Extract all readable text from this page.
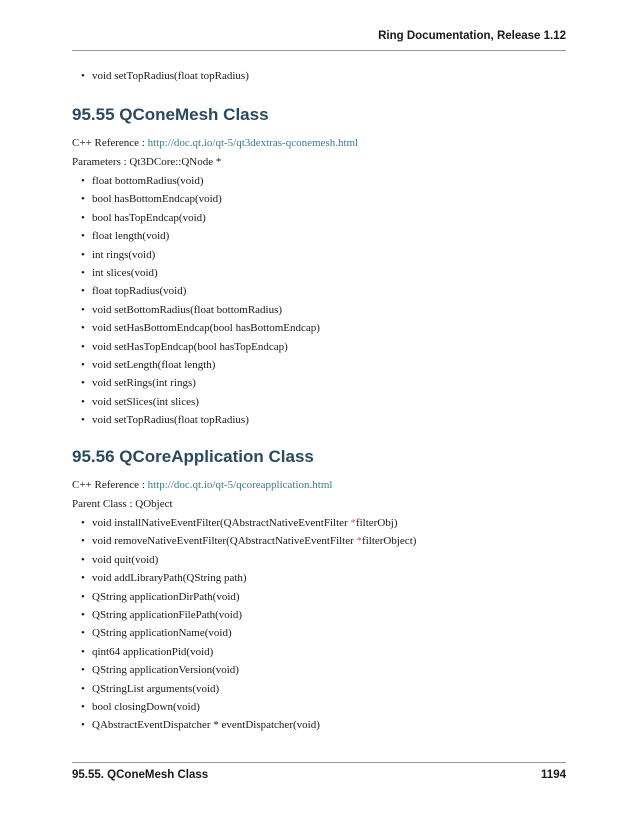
Ring Documentation, Release 1.12
• void setTopRadius(float topRadius)
95.55 QConeMesh Class

C++ Reference : http://doc.qt.io/qt-5/qt3dextras-qconemesh.html

Parameters : Qt3DCore::QNode *

• float bottomRadius(void)
• bool hasBottomEndcap(void)
• bool hasTopEndcap(void)
• float length(void)
• int rings(void)
• int slices(void)
• float topRadius(void)
• void setBottomRadius(float bottomRadius)
• void setHasBottomEndcap(bool hasBottomEndcap)
• void setHasTopEndcap(bool hasTopEndcap)
• void setLength(float length)
• void setRings(int rings)
• void setSlices(int slices)
• void setTopRadius(float topRadius)
95.56 QCoreApplication Class

C++ Reference : http://doc.qt.io/qt-5/qcoreapplication.html

Parent Class : QObject

• void installNativeEventFilter(QAbstractNativeEventFilter *filterObj)
• void removeNativeEventFilter(QAbstractNativeEventFilter *filterObject)
• void quit(void)
• void addLibraryPath(QString path)
• QString applicationDirPath(void)
• QString applicationFilePath(void)
• QString applicationName(void)
• qint64 applicationPid(void)
• QString applicationVersion(void)
• QStringList arguments(void)
• bool closingDown(void)
• QAbstractEventDispatcher * eventDispatcher(void)
95.55. QConeMesh Class	1194
